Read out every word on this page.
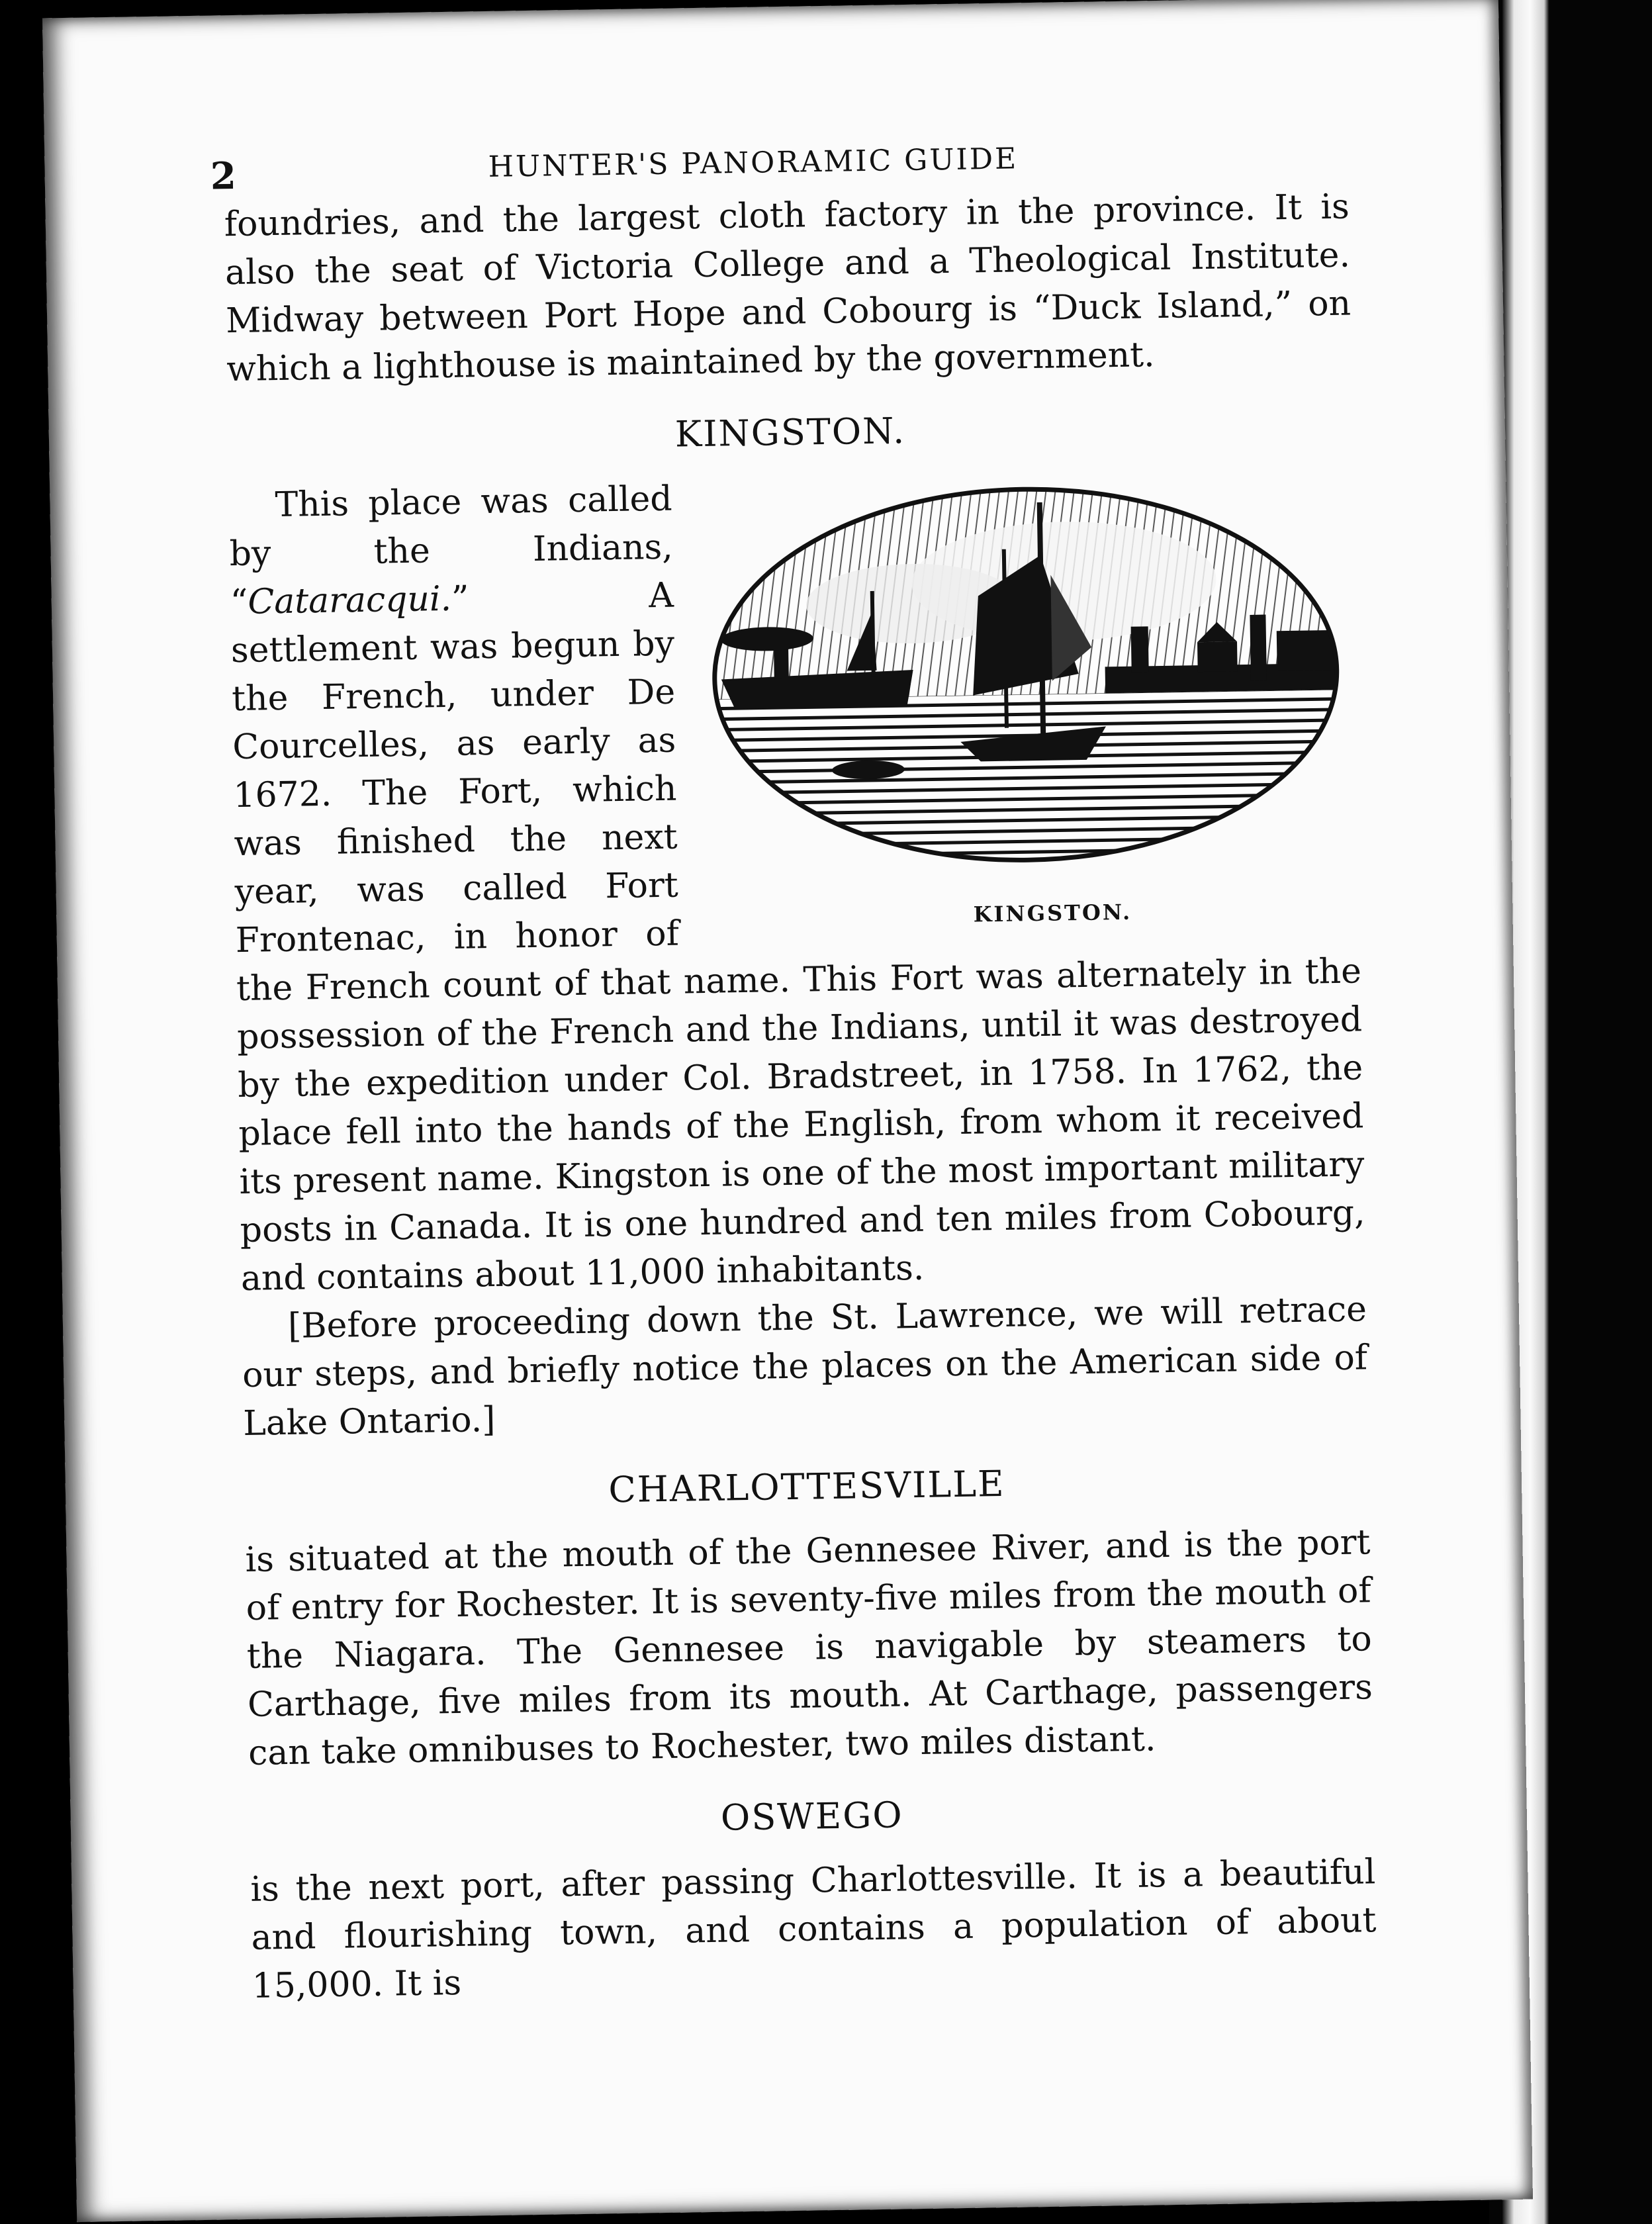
2	HUNTER'S PANORAMIC GUIDE

foundries, and the largest cloth factory in the province. It is also the seat of Victoria College and a Theological Institute. Midway between Port Hope and Cobourg is “Duck Island,” on which a lighthouse is maintained by the government.

KINGSTON.

KINGSTON.
This place was called by the Indians, “Cataracqui.” A settlement was begun by the French, under De Courcelles, as early as 1672. The Fort, which was finished the next year, was called Fort Frontenac, in honor of the French count of that name. This Fort was alternately in the possession of the French and the Indians, until it was destroyed by the expedition under Col. Bradstreet, in 1758. In 1762, the place fell into the hands of the English, from whom it received its present name. Kingston is one of the most important military posts in Canada. It is one hundred and ten miles from Cobourg, and contains about 11,000 inhabitants.

[Before proceeding down the St. Lawrence, we will retrace our steps, and briefly notice the places on the American side of Lake Ontario.]

CHARLOTTESVILLE

is situated at the mouth of the Gennesee River, and is the port of entry for Rochester. It is seventy-five miles from the mouth of the Niagara. The Gennesee is navigable by steamers to Carthage, five miles from its mouth. At Carthage, passengers can take omnibuses to Rochester, two miles distant.

OSWEGO

is the next port, after passing Charlottesville. It is a beautiful and flourishing town, and contains a population of about 15,000. It is
